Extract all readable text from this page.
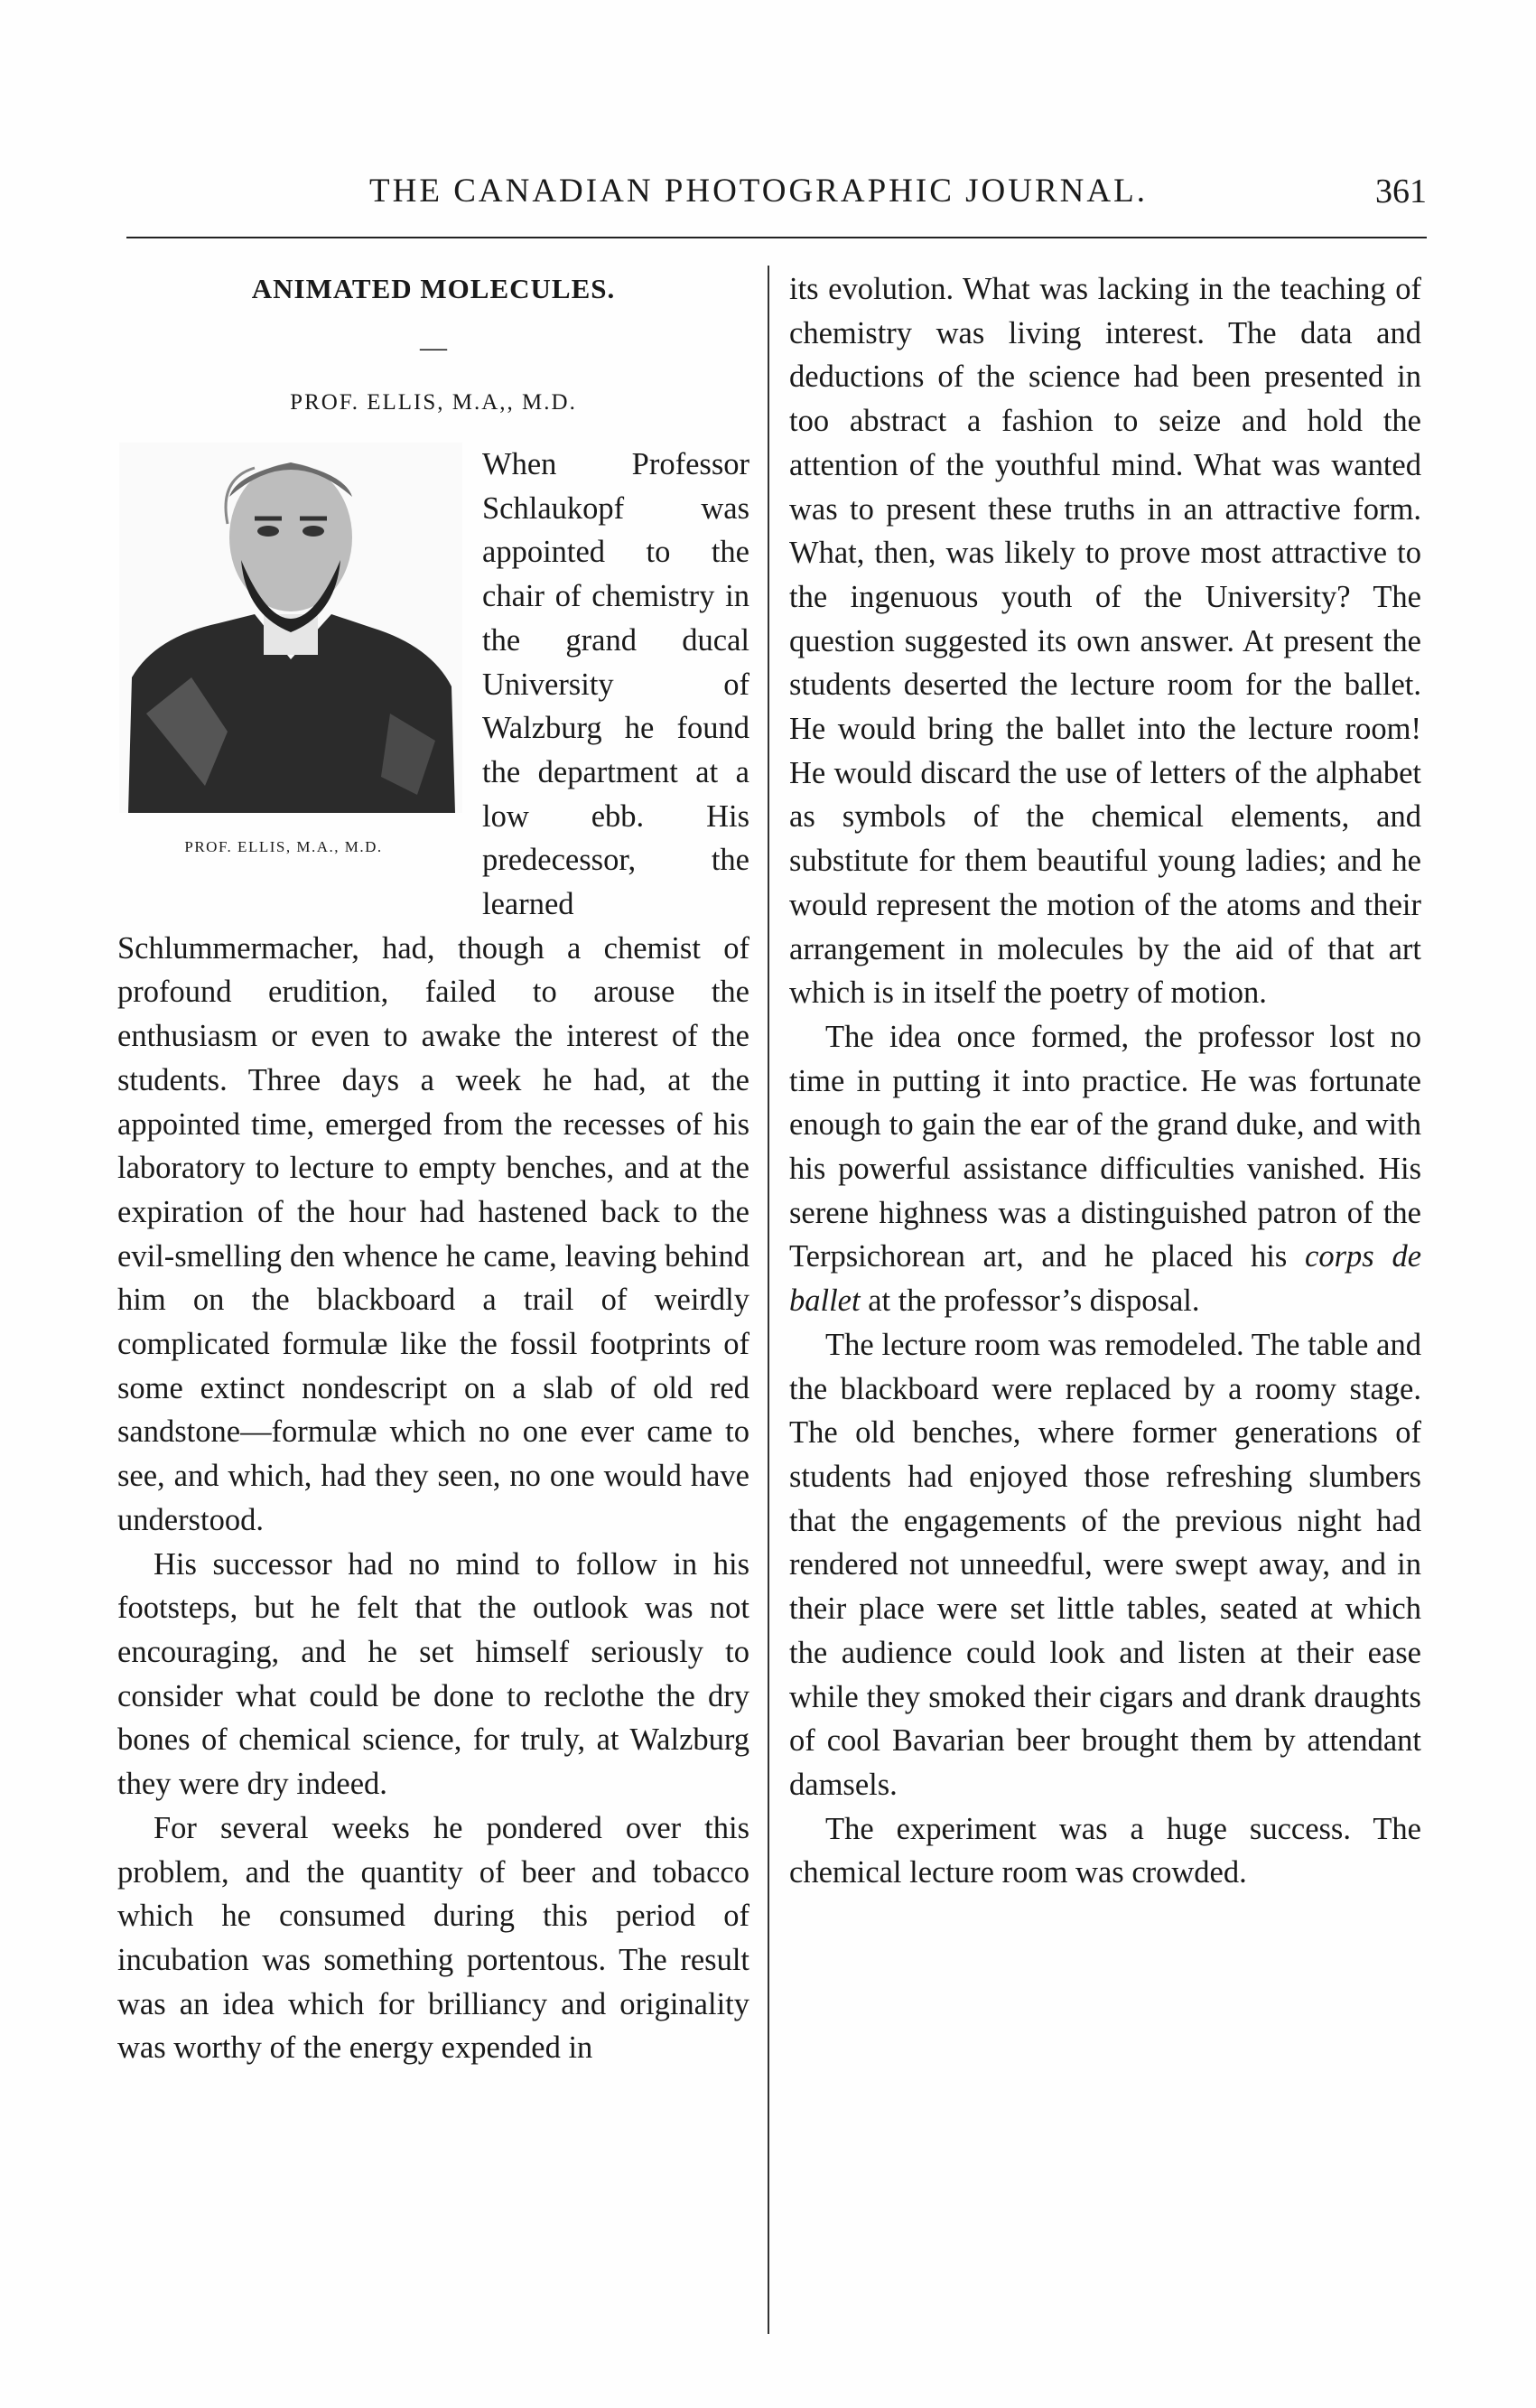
THE CANADIAN PHOTOGRAPHIC JOURNAL.	361
ANIMATED MOLECULES.
—
PROF. ELLIS, M.A,, M.D.
PROF. ELLIS, M.A., M.D.

When Professor Schlaukopf was appointed to the chair of chemistry in the grand ducal University of Walzburg he found the department at a low ebb. His predecessor, the learned Schlummermacher, had, though a chemist of profound erudition, failed to arouse the enthusiasm or even to awake the interest of the students. Three days a week he had, at the appointed time, emerged from the recesses of his laboratory to lecture to empty benches, and at the expiration of the hour had hastened back to the evil-smelling den whence he came, leaving behind him on the blackboard a trail of weirdly complicated formulæ like the fossil footprints of some extinct nondescript on a slab of old red sandstone—formulæ which no one ever came to see, and which, had they seen, no one would have understood.

His successor had no mind to follow in his footsteps, but he felt that the outlook was not encouraging, and he set himself seriously to consider what could be done to reclothe the dry bones of chemical science, for truly, at Walzburg they were dry indeed.

For several weeks he pondered over this problem, and the quantity of beer and tobacco which he consumed during this period of incubation was something portentous. The result was an idea which for brilliancy and originality was worthy of the energy expended in

its evolution. What was lacking in the teaching of chemistry was living interest. The data and deductions of the science had been presented in too abstract a fashion to seize and hold the attention of the youthful mind. What was wanted was to present these truths in an attractive form. What, then, was likely to prove most attractive to the ingenuous youth of the University? The question suggested its own answer. At present the students deserted the lecture room for the ballet. He would bring the ballet into the lecture room! He would discard the use of letters of the alphabet as symbols of the chemical elements, and substitute for them beautiful young ladies; and he would represent the motion of the atoms and their arrangement in molecules by the aid of that art which is in itself the poetry of motion.

The idea once formed, the professor lost no time in putting it into practice. He was fortunate enough to gain the ear of the grand duke, and with his powerful assistance difficulties vanished. His serene highness was a distinguished patron of the Terpsichorean art, and he placed his corps de ballet at the professor’s disposal.

The lecture room was remodeled. The table and the blackboard were replaced by a roomy stage. The old benches, where former generations of students had enjoyed those refreshing slumbers that the engagements of the previous night had rendered not unneedful, were swept away, and in their place were set little tables, seated at which the audience could look and listen at their ease while they smoked their cigars and drank draughts of cool Bavarian beer brought them by attendant damsels.

The experiment was a huge success. The chemical lecture room was crowded.
